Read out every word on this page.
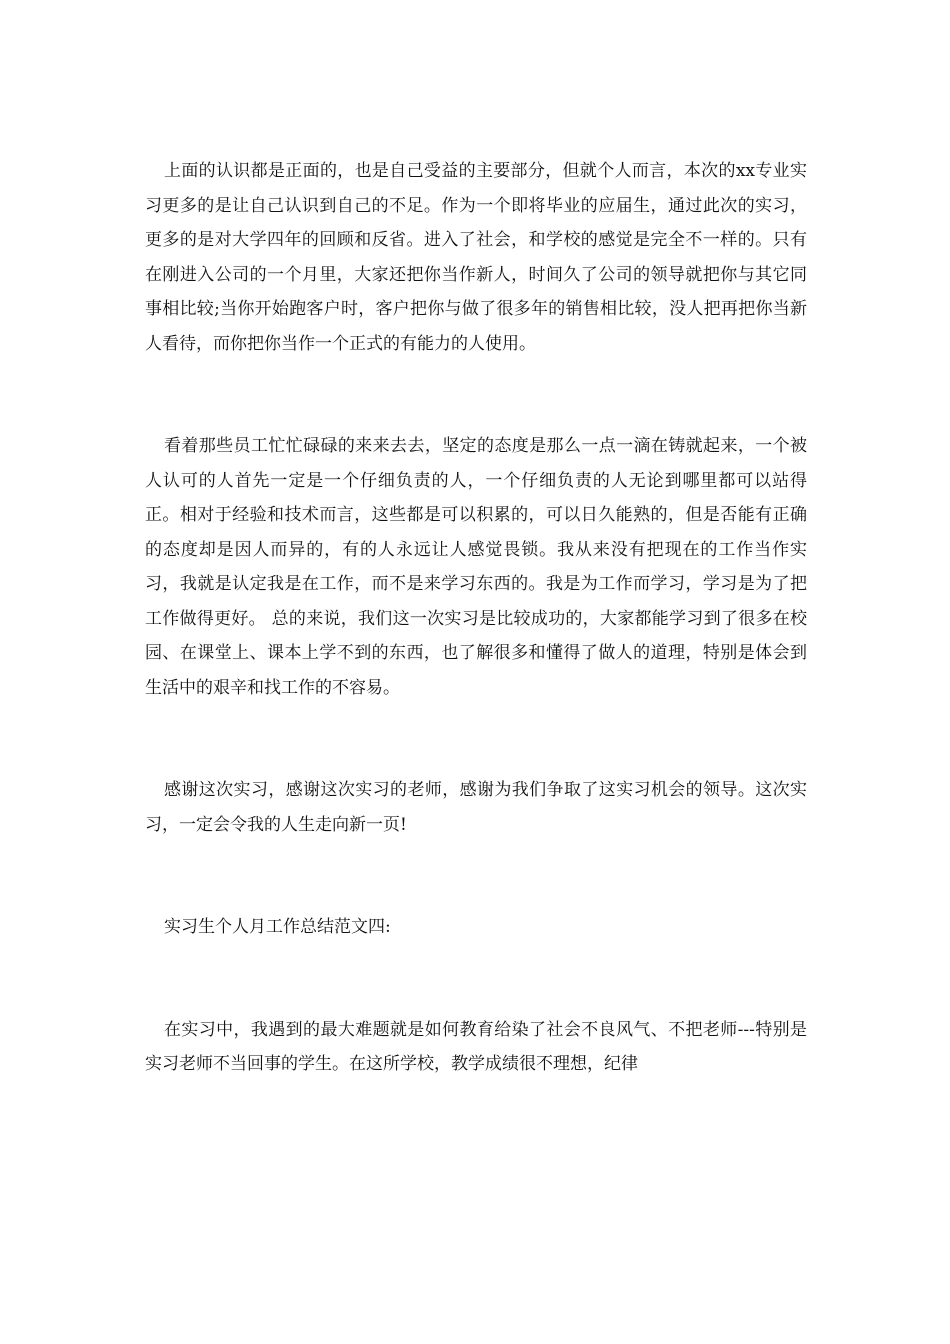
上面的认识都是正面的，也是自己受益的主要部分，但就个人而言，本次的xx专业实习更多的是让自己认识到自己的不足。作为一个即将毕业的应届生，通过此次的实习，更多的是对大学四年的回顾和反省。进入了社会，和学校的感觉是完全不一样的。只有在刚进入公司的一个月里，大家还把你当作新人，时间久了公司的领导就把你与其它同事相比较;当你开始跑客户时，客户把你与做了很多年的销售相比较，没人把再把你当新人看待，而你把你当作一个正式的有能力的人使用。

看着那些员工忙忙碌碌的来来去去，坚定的态度是那么一点一滴在铸就起来，一个被人认可的人首先一定是一个仔细负责的人，一个仔细负责的人无论到哪里都可以站得正。相对于经验和技术而言，这些都是可以积累的，可以日久能熟的，但是否能有正确的态度却是因人而异的，有的人永远让人感觉畏锁。我从来没有把现在的工作当作实习，我就是认定我是在工作，而不是来学习东西的。我是为工作而学习，学习是为了把工作做得更好。 总的来说，我们这一次实习是比较成功的，大家都能学习到了很多在校园、在课堂上、课本上学不到的东西，也了解很多和懂得了做人的道理，特别是体会到生活中的艰辛和找工作的不容易。

感谢这次实习，感谢这次实习的老师，感谢为我们争取了这实习机会的领导。这次实习，一定会令我的人生走向新一页!

实习生个人月工作总结范文四:

在实习中，我遇到的最大难题就是如何教育给染了社会不良风气、不把老师---特别是实习老师不当回事的学生。在这所学校，教学成绩很不理想，纪律
